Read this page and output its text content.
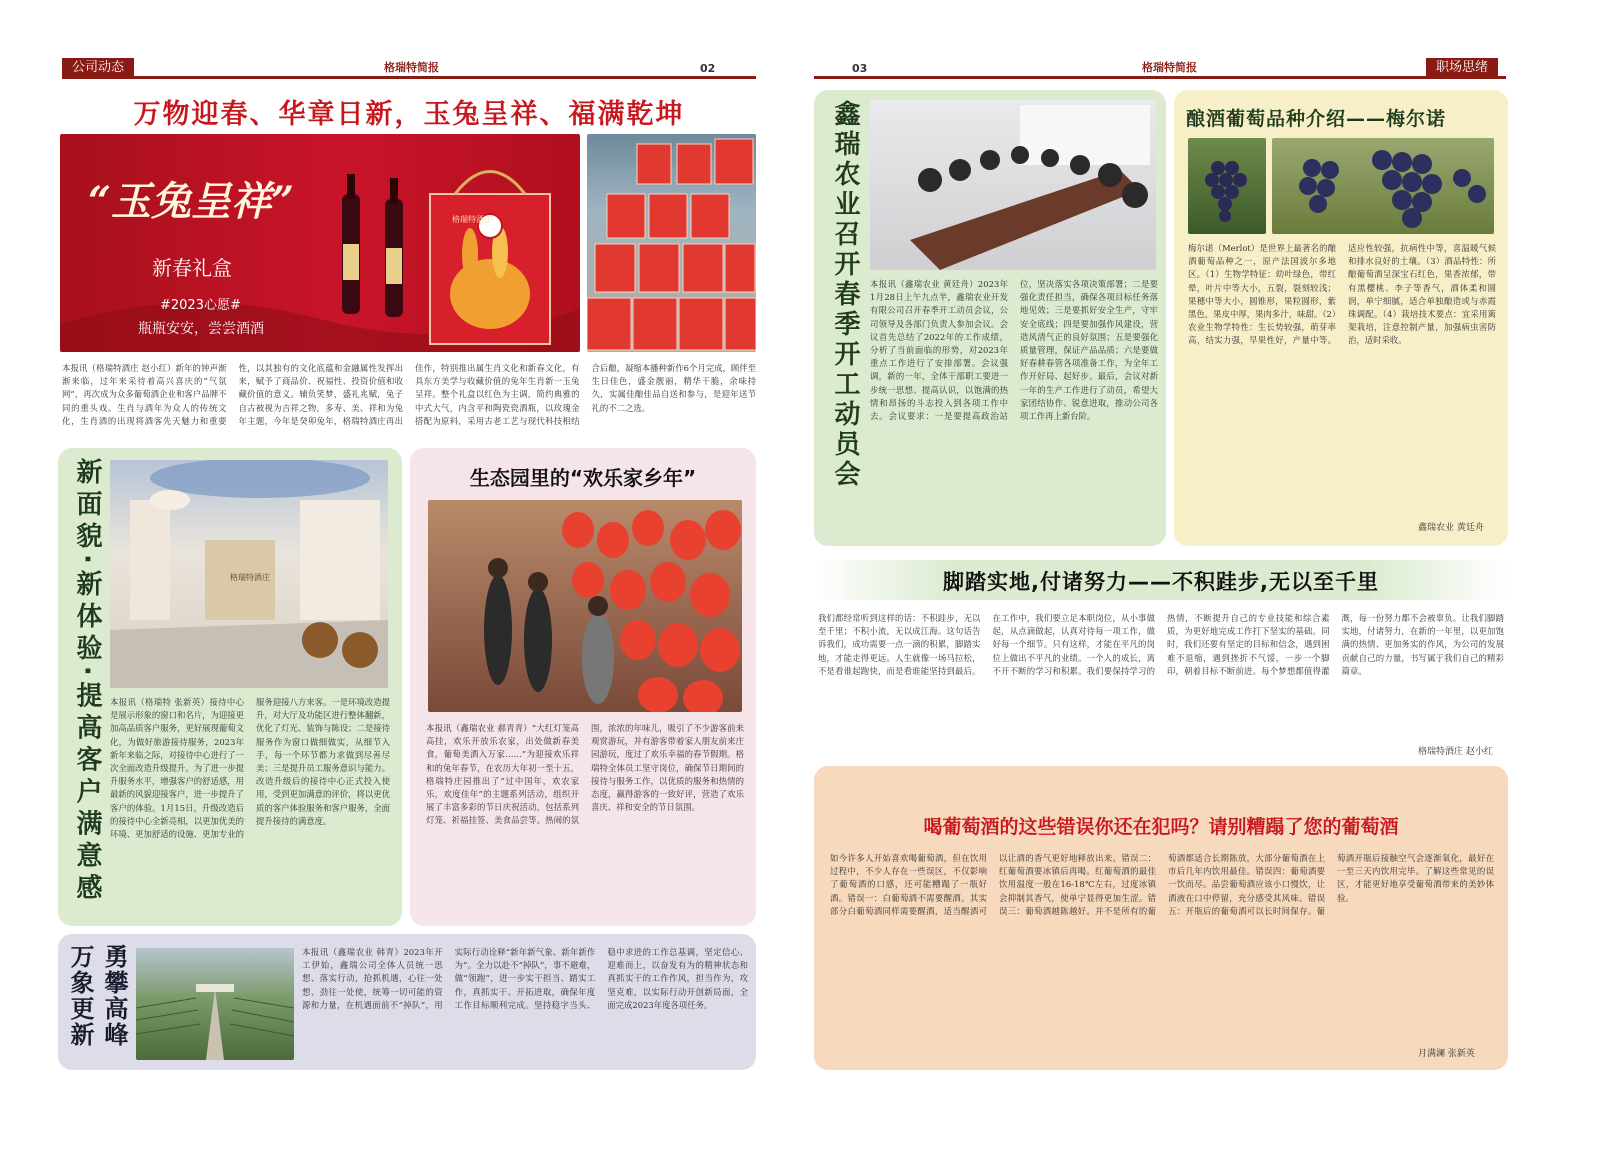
公司动态	格瑞特简报	02
万物迎春、华章日新，玉兔呈祥、福满乾坤
“玉兔呈祥”
新春礼盒
#2023心愿#
瓶瓶安安，尝尝酒酒
格瑞特酒庄
本报讯（格瑞特酒庄 赵小红）新年的钟声渐渐来临，过年来采待着高兴喜庆的“气氛网”，再次成为众多葡萄酒企业和客户品牌不同的重头戏。生肖与酒年为众人的传统文化，生肖酒的出现将酒客先天魅力和重要性，以其独有的文化底蕴和金融属性发挥出来，赋予了商品价、祝福性、投资价值和收藏价值的意义。辅负笑梦，盛礼兆赋，兔子自古被视为吉祥之物，多寿、美、祥和为兔年主题，今年是癸卯兔年，格瑞特酒庄再出佳作，特别推出属生肖文化和新春文化，有具东方美学与收藏价值的兔年生肖新一玉兔呈祥。整个礼盒以红色为主调，简约典雅的中式大气，内含平和陶瓷瓷酒瓶，以玫瑰金搭配为原料，采用古老工艺与现代科技相结合后酿，凝缩本播种新作6个月完成，顾伴至生日佳色，盛金靓丽，精华干脆，余味持久，实属佳酿佳品自送和参与，是迎年送节礼的不二之选。
新面貌·新体验·提高客户满意感	格瑞特酒庄
本报讯（格瑞特 张新英）接待中心是展示形象的窗口和名片，为迎接更加高品质客户服务，更好展现葡萄文化，为做好旅游接待服务，2023年新年来临之际，对接待中心进行了一次全面改造升级提升。为了进一步提升服务水平，增强客户的舒适感，用最新的风貌迎接客户，进一步提升了客户的体验。1月15日，升级改造后的接待中心全新亮相，以更加优美的环境、更加舒适的设施、更加专业的服务迎接八方来客。一是环境改造提升，对大厅及功能区进行整体翻新，优化了灯光、装饰与陈设；二是接待服务作为窗口做细做实，从细节入手，每一个环节都力求做到尽善尽美；三是提升员工服务意识与能力。改造升级后的接待中心正式投入使用，受到更加满意的评价，将以更优质的客户体验服务和客户服务，全面提升接待的满意度。
生态园里的“欢乐家乡年”
本报讯（鑫瑞农业 郝青青）“大红灯笼高高挂，欢乐开放乐农家，出处做新春美食，葡萄美酒入万家……”为迎接欢乐祥和的兔年春节，在农历大年初一至十五，格瑞特庄园推出了“过中国年，欢农家乐，欢度佳年”的主题系列活动，组织开展了丰富多彩的节日庆祝活动，包括系列灯笼、祈福挂签、美食品尝等。热闹的氛围，浓浓的年味儿，吸引了不少游客前来观赏游玩，并有游客带着家人朋友前来庄园游玩，度过了欢乐幸福的春节假期。格瑞特全体员工坚守岗位，确保节日期间的接待与服务工作，以优质的服务和热情的态度，赢得游客的一致好评，营造了欢乐喜庆、祥和安全的节日氛围。
万象更新 勇攀高峰	本报讯（鑫瑞农业 韩青）2023年开工伊始，鑫瑞公司全体人员统一思想、落实行动，抢抓机遇，心往一处想、劲往一处使，统筹一切可能的资源和力量，在机遇面前不“掉队”，用实际行动诠释“新年新气象、新年新作为”。全力以赴不“掉队”，事不避难，做“领跑”，进一步实干担当、踏实工作，真抓实干、开拓进取，确保年度工作目标顺利完成。坚持稳字当头、稳中求进的工作总基调，坚定信心、迎难而上，以奋发有为的精神状态和真抓实干的工作作风，担当作为，攻坚克难，以实际行动开创新局面，全面完成2023年度各项任务。
03	格瑞特简报	职场思绪
鑫瑞农业召开春季开工动员会	本报讯（鑫瑞农业 黄廷舟）2023年1月28日上午九点半，鑫瑞农业开发有限公司召开春季开工动员会议，公司领导及各部门负责人参加会议。会议首先总结了2022年的工作成绩，分析了当前面临的形势，对2023年重点工作进行了安排部署。会议强调，新的一年，全体干部职工要进一步统一思想、提高认识，以饱满的热情和昂扬的斗志投入到各项工作中去。会议要求：一是要提高政治站位，坚决落实各项决策部署；二是要强化责任担当，确保各项目标任务落地见效；三是要抓好安全生产，守牢安全底线；四是要加强作风建设，营造风清气正的良好氛围；五是要强化质量管理，保证产品品质；六是要做好春耕春管各项准备工作，为全年工作开好局、起好步。最后，会议对新一年的生产工作进行了动员，希望大家团结协作、锐意进取，推动公司各项工作再上新台阶。
酿酒葡萄品种介绍——梅尔诺
梅尔诺（Merlot）是世界上最著名的酿酒葡萄品种之一，原产法国波尔多地区。（1）生物学特征：幼叶绿色，带红晕，叶片中等大小，五裂，裂刻较浅；果穗中等大小，圆锥形，果粒圆形，紫黑色，果皮中厚，果肉多汁，味甜。（2）农业生物学特性：生长势较强，萌芽率高，结实力强，早果性好，产量中等。适应性较强，抗病性中等，喜温暖气候和排水良好的土壤。（3）酒品特性：所酿葡萄酒呈深宝石红色，果香浓郁，带有黑樱桃、李子等香气，酒体柔和圆润，单宁细腻，适合单独酿造或与赤霞珠调配。（4）栽培技术要点：宜采用篱架栽培，注意控制产量，加强病虫害防治，适时采收。
鑫瑞农业 黄廷舟
脚踏实地,付诸努力——不积跬步,无以至千里
我们都经常听到这样的话：不积跬步，无以至千里；不积小流，无以成江海。这句话告诉我们，成功需要一点一滴的积累，脚踏实地，才能走得更远。人生就像一场马拉松，不是看谁起跑快，而是看谁能坚持到最后。在工作中，我们要立足本职岗位，从小事做起，从点滴做起，认真对待每一项工作，做好每一个细节。只有这样，才能在平凡的岗位上做出不平凡的业绩。一个人的成长，离不开不断的学习和积累。我们要保持学习的热情，不断提升自己的专业技能和综合素质，为更好地完成工作打下坚实的基础。同时，我们还要有坚定的目标和信念，遇到困难不退缩，遇到挫折不气馁，一步一个脚印，朝着目标不断前进。每个梦想都值得灌溉，每一份努力都不会被辜负。让我们脚踏实地，付诸努力，在新的一年里，以更加饱满的热情、更加务实的作风，为公司的发展贡献自己的力量，书写属于我们自己的精彩篇章。
格瑞特酒庄 赵小红
喝葡萄酒的这些错误你还在犯吗？请别糟蹋了您的葡萄酒
如今许多人开始喜欢喝葡萄酒，但在饮用过程中，不少人存在一些误区，不仅影响了葡萄酒的口感，还可能糟蹋了一瓶好酒。错误一：白葡萄酒不需要醒酒。其实部分白葡萄酒同样需要醒酒，适当醒酒可以让酒的香气更好地释放出来。错误二：红葡萄酒要冰镇后再喝。红葡萄酒的最佳饮用温度一般在16-18℃左右，过度冰镇会抑制其香气，使单宁显得更加生涩。错误三：葡萄酒越陈越好。并不是所有的葡萄酒都适合长期陈放，大部分葡萄酒在上市后几年内饮用最佳。错误四：葡萄酒要一饮而尽。品尝葡萄酒应该小口慢饮，让酒液在口中停留，充分感受其风味。错误五：开瓶后的葡萄酒可以长时间保存。葡萄酒开瓶后接触空气会逐渐氧化，最好在一至三天内饮用完毕。了解这些常见的误区，才能更好地享受葡萄酒带来的美妙体验。
月满澜 张新英
